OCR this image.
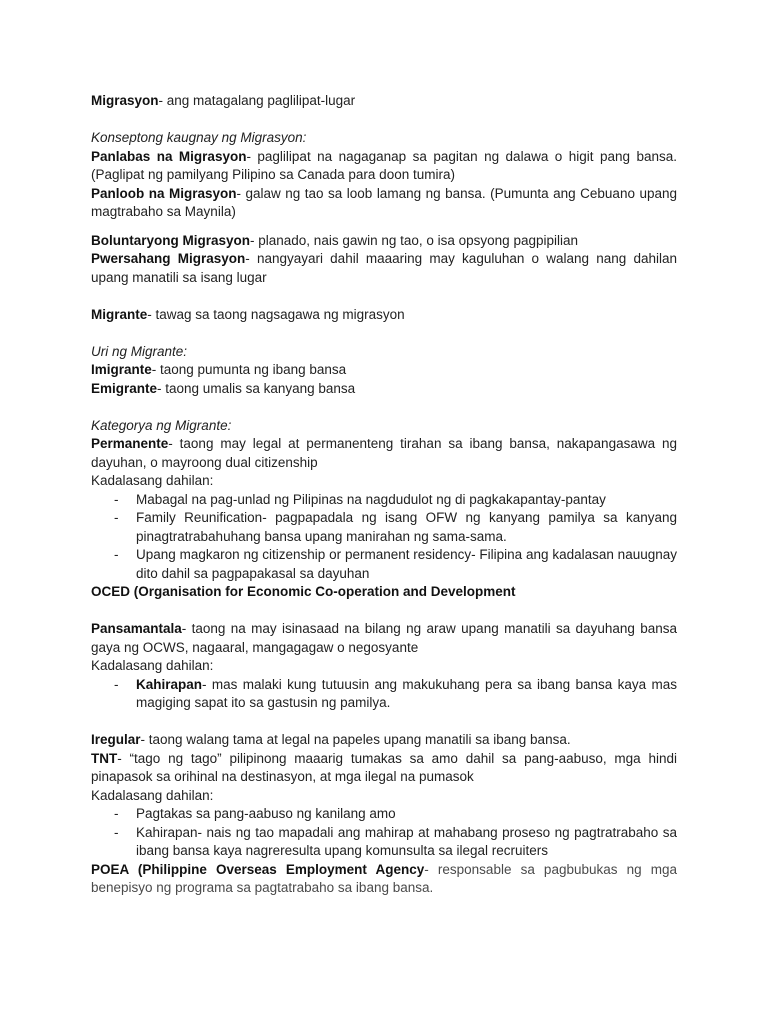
Migrasyon- ang matagalang paglilipat-lugar

Konseptong kaugnay ng Migrasyon:

Panlabas na Migrasyon- paglilipat na nagaganap sa pagitan ng dalawa o higit pang bansa. (Paglipat ng pamilyang Pilipino sa Canada para doon tumira)

Panloob na Migrasyon- galaw ng tao sa loob lamang ng bansa. (Pumunta ang Cebuano upang magtrabaho sa Maynila)

Boluntaryong Migrasyon- planado, nais gawin ng tao, o isa opsyong pagpipilian

Pwersahang Migrasyon- nangyayari dahil maaaring may kaguluhan o walang nang dahilan upang manatili sa isang lugar

Migrante- tawag sa taong nagsagawa ng migrasyon

Uri ng Migrante:

Imigrante- taong pumunta ng ibang bansa

Emigrante- taong umalis sa kanyang bansa

Kategorya ng Migrante:

Permanente- taong may legal at permanenteng tirahan sa ibang bansa, nakapangasawa ng dayuhan, o mayroong dual citizenship

Kadalasang dahilan:

- Mabagal na pag-unlad ng Pilipinas na nagdudulot ng di pagkakapantay-pantay
- Family Reunification- pagpapadala ng isang OFW ng kanyang pamilya sa kanyang pinagtratrabahuhang bansa upang manirahan ng sama-sama.
- Upang magkaron ng citizenship or permanent residency- Filipina ang kadalasan nauugnay dito dahil sa pagpapakasal sa dayuhan

OCED (Organisation for Economic Co-operation and Development

Pansamantala- taong na may isinasaad na bilang ng araw upang manatili sa dayuhang bansa gaya ng OCWS, nagaaral, mangagagaw o negosyante

Kadalasang dahilan:

- Kahirapan- mas malaki kung tutuusin ang makukuhang pera sa ibang bansa kaya mas magiging sapat ito sa gastusin ng pamilya.

Iregular- taong walang tama at legal na papeles upang manatili sa ibang bansa.

TNT- “tago ng tago” pilipinong maaarig tumakas sa amo dahil sa pang-aabuso, mga hindi pinapasok sa orihinal na destinasyon, at mga ilegal na pumasok

Kadalasang dahilan:

- Pagtakas sa pang-aabuso ng kanilang amo
- Kahirapan- nais ng tao mapadali ang mahirap at mahabang proseso ng pagtratrabaho sa ibang bansa kaya nagreresulta upang komunsulta sa ilegal recruiters

POEA (Philippine Overseas Employment Agency- responsable sa pagbubukas ng mga benepisyo ng programa sa pagtatrabaho sa ibang bansa.
